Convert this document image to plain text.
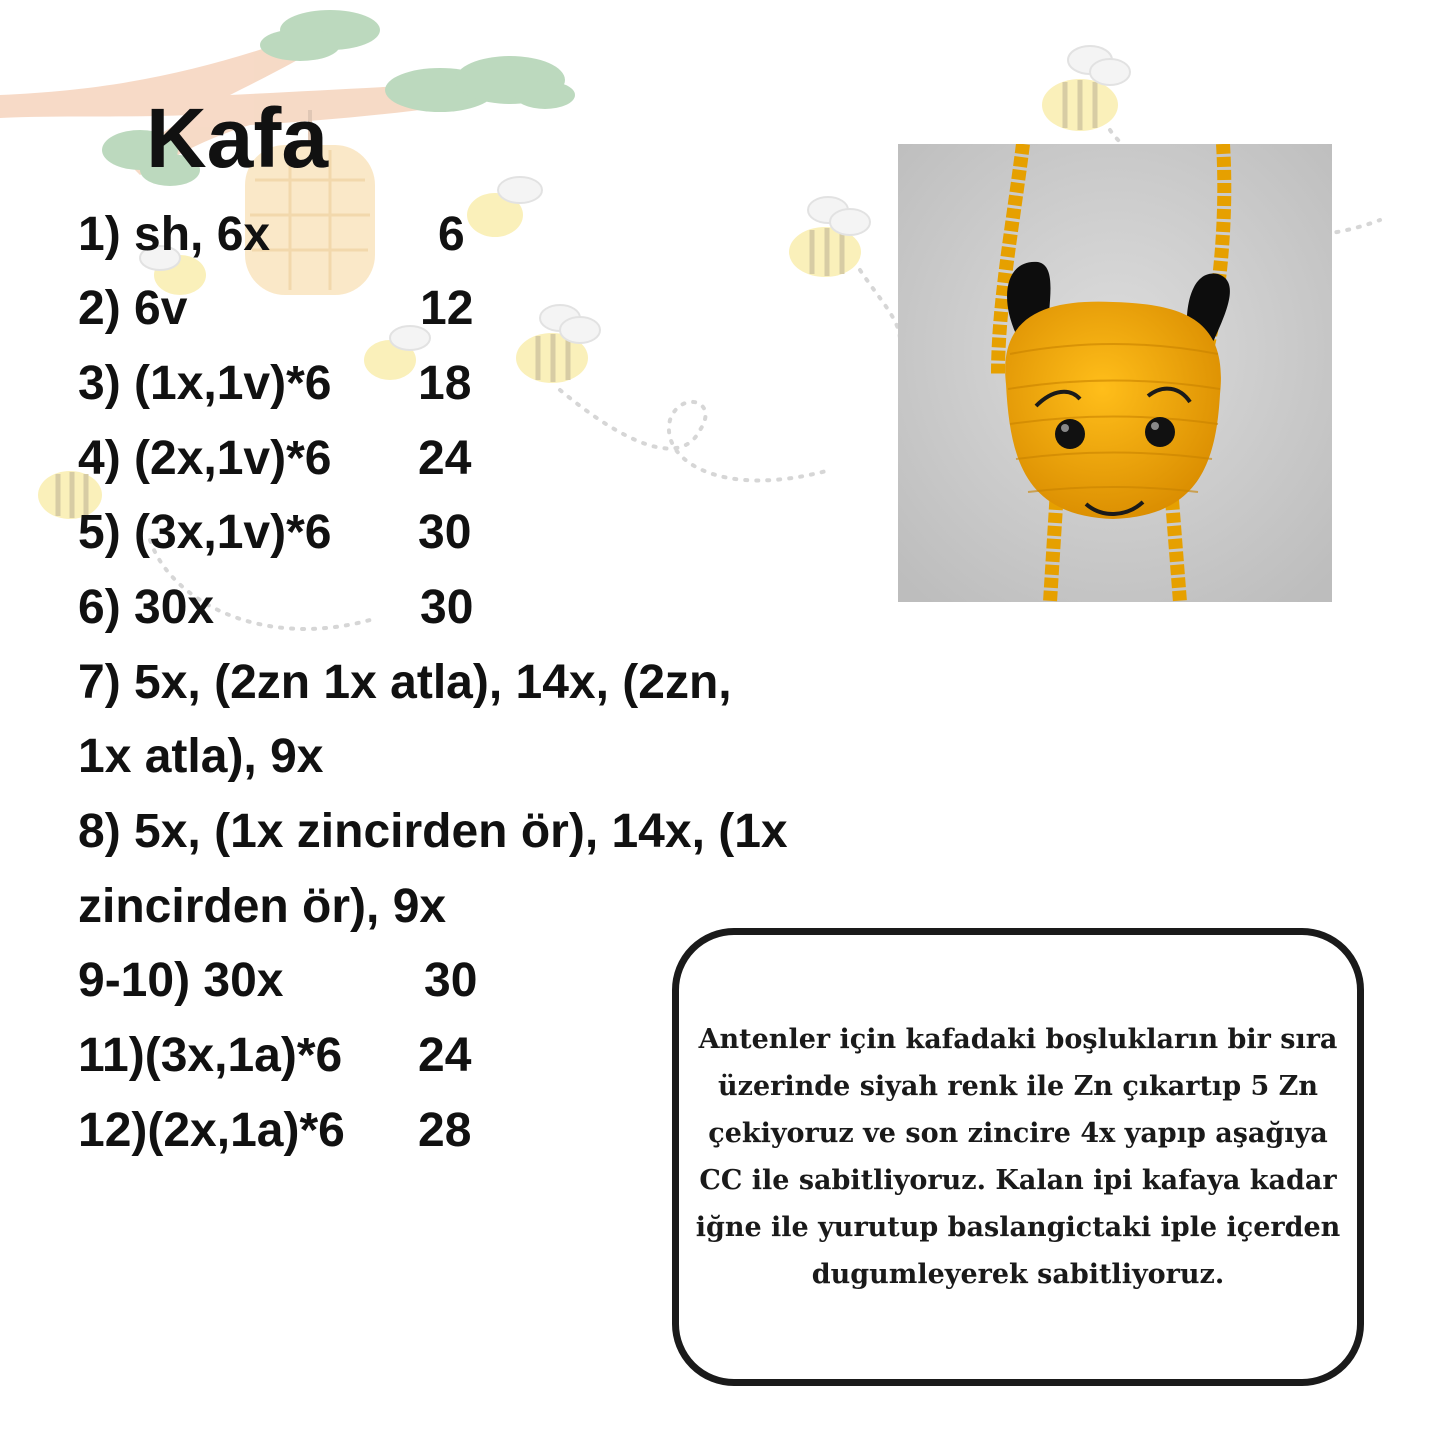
Kafa
1) sh, 6x	6
2) 6v	12
3) (1x,1v)*6 18
4) (2x,1v)*6 24
5) (3x,1v)*6 30
6) 30x	30
7) 5x, (2zn 1x atla), 14x, (2zn,
1x atla), 9x
8) 5x, (1x zincirden ör), 14x, (1x
zincirden ör), 9x
9-10) 30x	30
11)(3x,1a)*6 24
12)(2x,1a)*6 28

Antenler için kafadaki boşlukların bir sıra üzerinde siyah renk ile Zn çıkartıp 5 Zn çekiyoruz ve son zincire 4x yapıp aşağıya CC ile sabitliyoruz. Kalan ipi kafaya kadar iğne ile yurutup baslangictaki iple içerden dugumleyerek sabitliyoruz.
